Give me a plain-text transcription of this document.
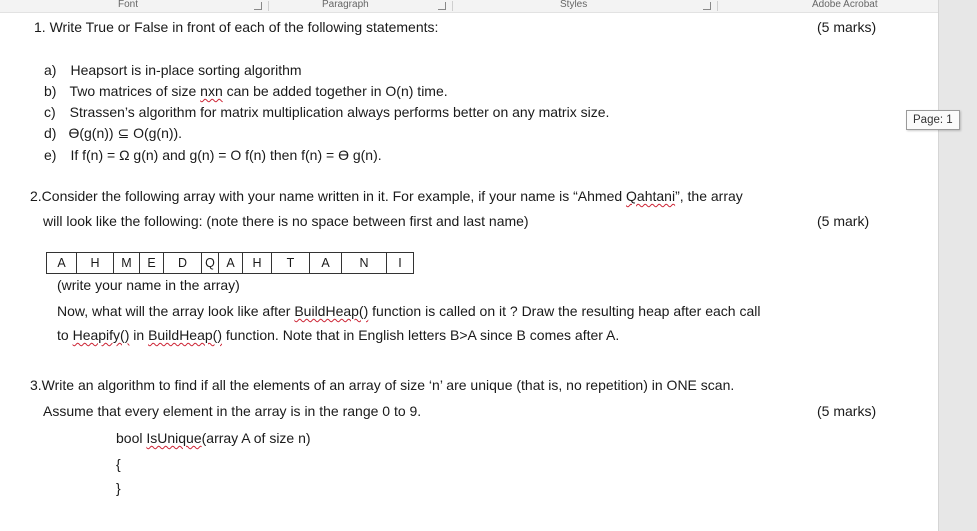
Font	Paragraph	Styles	Adobe Acrobat
Page: 1
1. Write True or False in front of each of the following statements:	(5 marks)
a) Heapsort is in-place sorting algorithm
b) Two matrices of size nxn can be added together in O(n) time.
c) Strassen’s algorithm for matrix multiplication always performs better on any matrix size.
d) ϴ(g(n)) ⊆ O(g(n)).
e) If f(n) = Ω g(n) and g(n) = O f(n) then f(n) = ϴ g(n).
2.Consider the following array with your name written in it. For example, if your name is “Ahmed Qahtani”, the array
will look like the following: (note there is no space between first and last name)	(5 mark)
A	H	M	E	D	Q A	H	T	A	N	I
(write your name in the array)
Now, what will the array look like after BuildHeap() function is called on it ? Draw the resulting heap after each call
to Heapify() in BuildHeap() function. Note that in English letters B>A since B comes after A.
3.Write an algorithm to find if all the elements of an array of size ‘n’ are unique (that is, no repetition) in ONE scan.
Assume that every element in the array is in the range 0 to 9.	(5 marks)
bool IsUnique(array A of size n)
{
}
